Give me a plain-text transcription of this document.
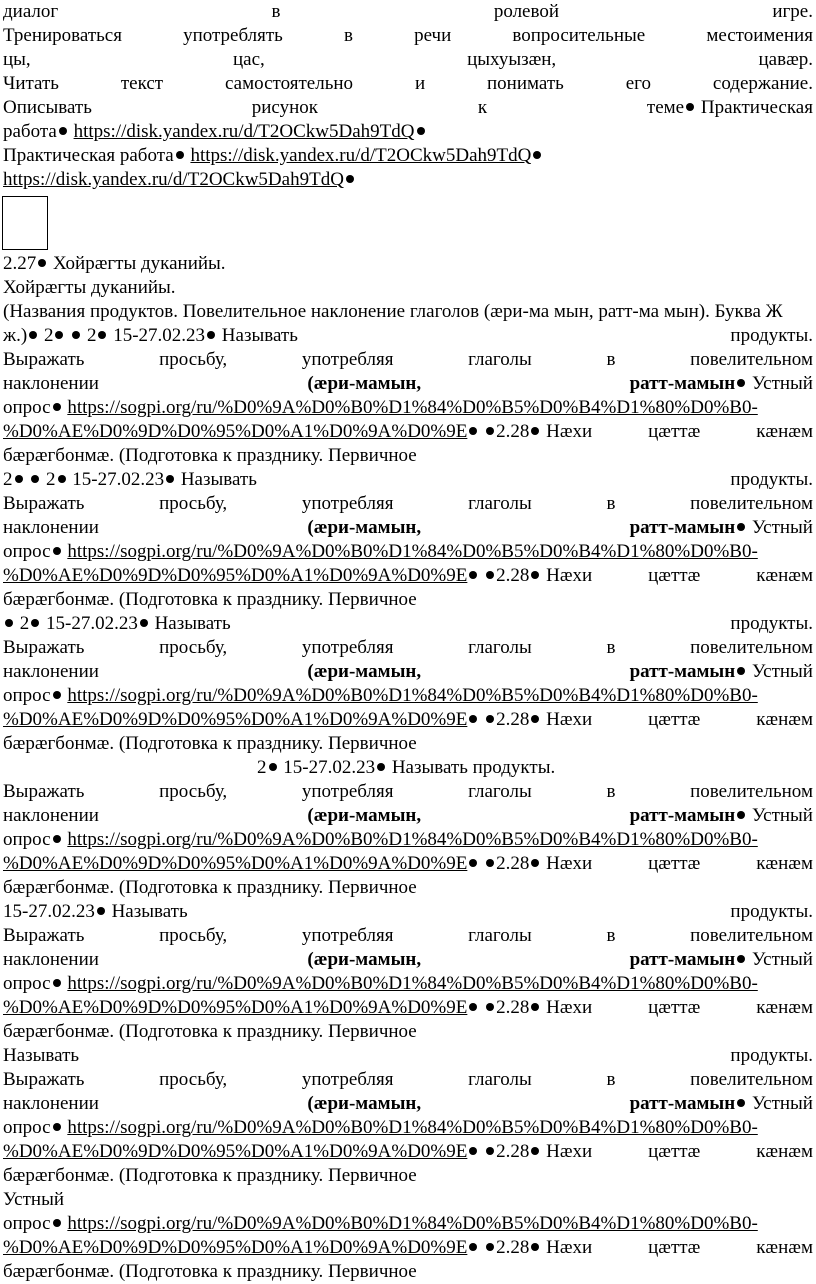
диалог	в	ролевой	игре.
Тренироваться	употреблять	в	речи	вопросительные	местоимения
цы,	цас,	цыхуызæн,	цавæр.
Читать	текст	самостоятельно	и	понимать	его	содержание.
Описывать	рисунок	к	теме Практическая
работа https://disk.yandex.ru/d/T2OCkw5Dah9TdQ
Практическая работа https://disk.yandex.ru/d/T2OCkw5Dah9TdQ
https://disk.yandex.ru/d/T2OCkw5Dah9TdQ
2.27 Хойрæгты дуканийы.
Хойрæгты дуканийы.
(Названия продуктов. Повелительное наклонение глаголов (æри-ма мын, ратт-ма мын). Буква Ж
ж.) 2  2 15-27.02.23 Называть	продукты.
Выражать	просьбу,	употребляя	глаголы	в	повелительном
наклонении	(æри-мамын,	ратт-мамын Устный
опрос https://sogpi.org/ru/%D0%9A%D0%B0%D1%84%D0%B5%D0%B4%D1%80%D0%B0-
%D0%AE%D0%9D%D0%95%D0%A1%D0%9A%D0%9E 2.28 Нæхи	цæттæ	кæнæм
бæрæгбонмæ. (Подготовка к празднику. Первичное
2  2 15-27.02.23 Называть	продукты.
Выражать	просьбу,	употребляя	глаголы	в	повелительном
наклонении	(æри-мамын,	ратт-мамын Устный
опрос https://sogpi.org/ru/%D0%9A%D0%B0%D1%84%D0%B5%D0%B4%D1%80%D0%B0-
%D0%AE%D0%9D%D0%95%D0%A1%D0%9A%D0%9E 2.28 Нæхи	цæттæ	кæнæм
бæрæгбонмæ. (Подготовка к празднику. Первичное
2 15-27.02.23 Называть	продукты.
Выражать	просьбу,	употребляя	глаголы	в	повелительном
наклонении	(æри-мамын,	ратт-мамын Устный
опрос https://sogpi.org/ru/%D0%9A%D0%B0%D1%84%D0%B5%D0%B4%D1%80%D0%B0-
%D0%AE%D0%9D%D0%95%D0%A1%D0%9A%D0%9E 2.28 Нæхи	цæттæ	кæнæм
бæрæгбонмæ. (Подготовка к празднику. Первичное
2 15-27.02.23 Называть продукты.
Выражать	просьбу,	употребляя	глаголы	в	повелительном
наклонении	(æри-мамын,	ратт-мамын Устный
опрос https://sogpi.org/ru/%D0%9A%D0%B0%D1%84%D0%B5%D0%B4%D1%80%D0%B0-
%D0%AE%D0%9D%D0%95%D0%A1%D0%9A%D0%9E 2.28 Нæхи	цæттæ	кæнæм
бæрæгбонмæ. (Подготовка к празднику. Первичное
15-27.02.23 Называть	продукты.
Выражать	просьбу,	употребляя	глаголы	в	повелительном
наклонении	(æри-мамын,	ратт-мамын Устный
опрос https://sogpi.org/ru/%D0%9A%D0%B0%D1%84%D0%B5%D0%B4%D1%80%D0%B0-
%D0%AE%D0%9D%D0%95%D0%A1%D0%9A%D0%9E 2.28 Нæхи	цæттæ	кæнæм
бæрæгбонмæ. (Подготовка к празднику. Первичное
Называть	продукты.
Выражать	просьбу,	употребляя	глаголы	в	повелительном
наклонении	(æри-мамын,	ратт-мамын Устный
опрос https://sogpi.org/ru/%D0%9A%D0%B0%D1%84%D0%B5%D0%B4%D1%80%D0%B0-
%D0%AE%D0%9D%D0%95%D0%A1%D0%9A%D0%9E 2.28 Нæхи	цæттæ	кæнæм
бæрæгбонмæ. (Подготовка к празднику. Первичное
Устный
опрос https://sogpi.org/ru/%D0%9A%D0%B0%D1%84%D0%B5%D0%B4%D1%80%D0%B0-
%D0%AE%D0%9D%D0%95%D0%A1%D0%9A%D0%9E 2.28 Нæхи	цæттæ	кæнæм
бæрæгбонмæ. (Подготовка к празднику. Первичное
